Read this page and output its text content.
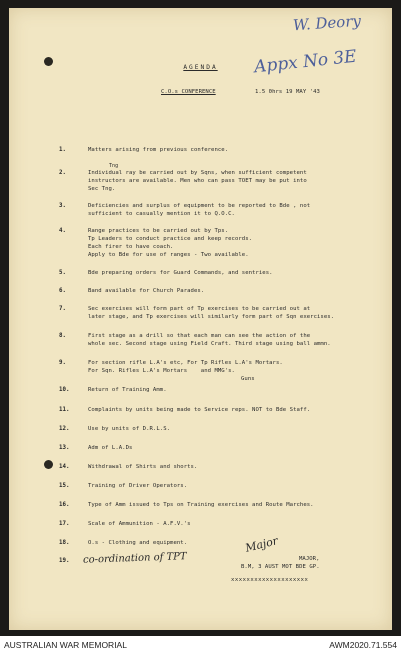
W. Deory
Appx No 3E
AGENDA
C.O.s CONFERENCE	1.5 0hrs 19 MAY '43
1.	Matters arising from previous conference.
Tng
2.	Individual ray be carried out by Sqns, when sufficient competent
instructors are available. Men who can pass TOET may be put into
Sec Tng.
3.	Deficiencies and surplus of equipment to be reported to Bde , not
sufficient to casually mention it to Q.O.C.
4.	Range practices to be carried out by Tps.
Tp Leaders to conduct practice and keep records.
Each firer to have coach.
Apply to Bde for use of ranges - Two available.
5.	Bde preparing orders for Guard Commands, and sentries.
6.	Band available for Church Parades.
7.	Sec exercises will form part of Tp exercises to be carried out at
later stage, and Tp exercises will similarly form part of Sqn exercises.
8.	First stage as a drill so that each man can see the action of the
whole sec. Second stage using Field Craft. Third stage using ball ammn.
9.	For section rifle L.A's etc, For Tp Rifles L.A's Mortars.
For Sqn. Rifles L.A's Mortars    and MMG's.
Guns
10.	Return of Training Amm.
11.	Complaints by units being made to Service reps. NOT to Bde Staff.
12.	Use by units of D.R.L.S.
13.	Adm of L.A.Ds
14.	Withdrawal of Shirts and shorts.
15.	Training of Driver Operators.
16.	Type of Amm issued to Tps on Training exercises and Route Marches.
17.	Scale of Ammunition - A.F.V.'s
18.	O.s - Clothing and equipment.
19. co-ordination of TPT
Major
MAJOR,
B.M, 3 AUST MOT BDE GP.
xxxxxxxxxxxxxxxxxxxx
AUSTRALIAN WAR MEMORIAL	AWM2020.71.554
